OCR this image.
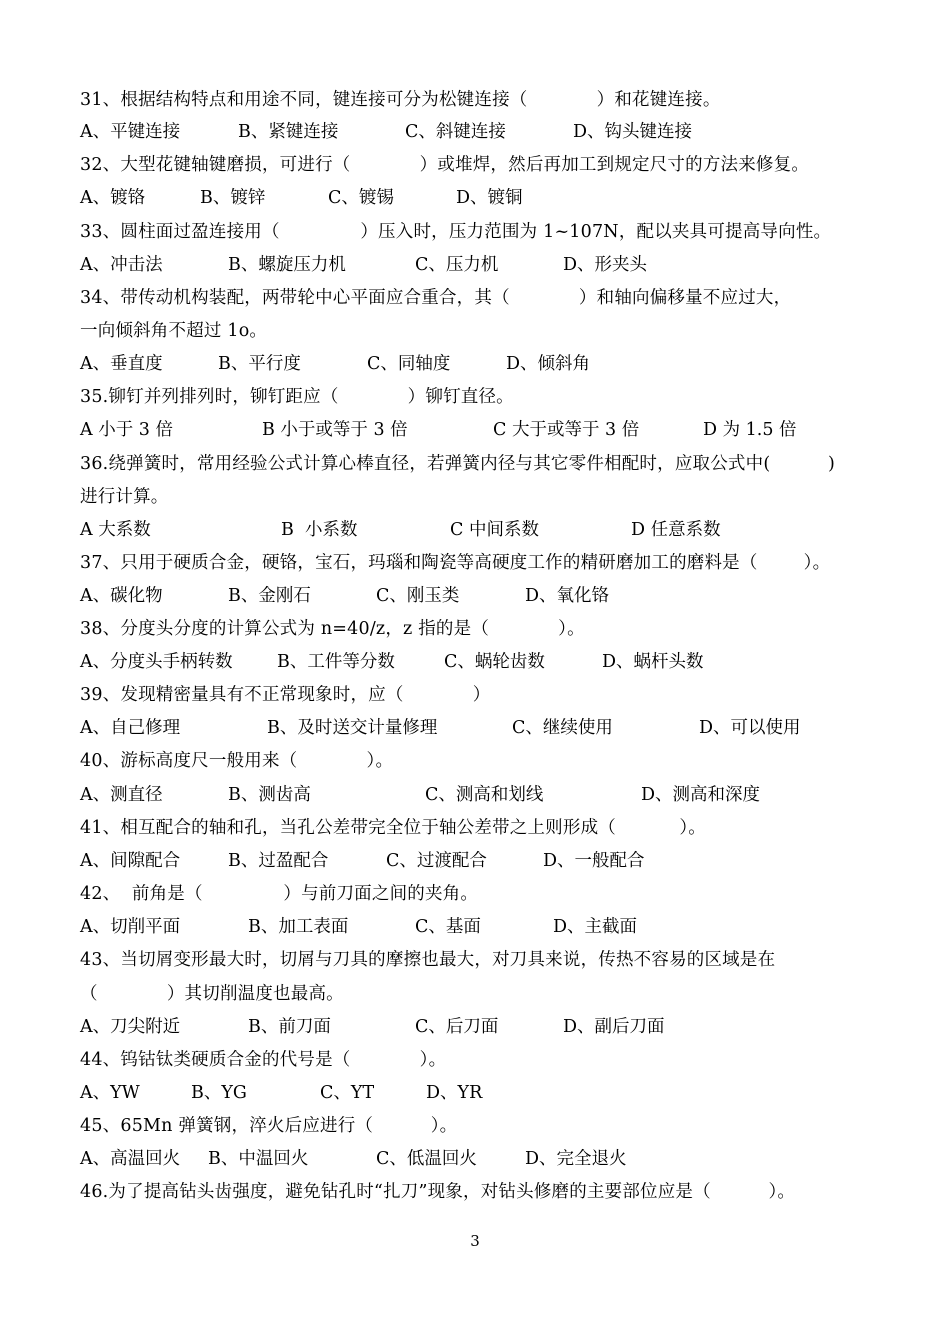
31、根据结构特点和用途不同，键连接可分为松键连接（            ）和花键连接。
A、平键连接	B、紧键连接	C、斜键连接	D、钩头键连接
32、大型花键轴键磨损，可进行（            ）或堆焊，然后再加工到规定尺寸的方法来修复。
A、镀铬	B、镀锌	C、镀锡	D、镀铜
33、圆柱面过盈连接用（              ）压入时，压力范围为 1~107N，配以夹具可提高导向性。
A、冲击法	B、螺旋压力机	C、压力机	D、形夹头
34、带传动机构装配，两带轮中心平面应合重合，其（            ）和轴向偏移量不应过大，
一向倾斜角不超过 1o。
A、垂直度	B、平行度	C、同轴度	D、倾斜角
35.铆钉并列排列时，铆钉距应（            ）铆钉直径。
A 小于 3 倍	B 小于或等于 3 倍	C 大于或等于 3 倍	D 为 1.5 倍
36.绕弹簧时，常用经验公式计算心棒直径，若弹簧内径与其它零件相配时，应取公式中(          )
进行计算。
A 大系数	B  小系数	C 中间系数	D 任意系数
37、只用于硬质合金，硬铬，宝石，玛瑙和陶瓷等高硬度工作的精研磨加工的磨料是（        ）。
A、碳化物	B、金刚石	C、刚玉类	D、氧化铬
38、分度头分度的计算公式为 n=40/z，z 指的是（            ）。
A、分度头手柄转数	B、工件等分数	C、蜗轮齿数	D、蜗杆头数
39、发现精密量具有不正常现象时，应（            ）
A、自己修理	B、及时送交计量修理	C、继续使用	D、可以使用
40、游标高度尺一般用来（            ）。
A、测直径	B、测齿高	C、测高和划线	D、测高和深度
41、相互配合的轴和孔，当孔公差带完全位于轴公差带之上则形成（           ）。
A、间隙配合	B、过盈配合	C、过渡配合	D、一般配合
42、  前角是（              ）与前刀面之间的夹角。
A、切削平面	B、加工表面	C、基面	D、主截面
43、当切屑变形最大时，切屑与刀具的摩擦也最大，对刀具来说，传热不容易的区域是在
（            ）其切削温度也最高。
A、刀尖附近	B、前刀面	C、后刀面	D、副后刀面
44、钨钴钛类硬质合金的代号是（            ）。
A、YW	B、YG	C、YT	D、YR
45、65Mn 弹簧钢，淬火后应进行（          ）。
A、高温回火 B、中温回火	C、低温回火	D、完全退火
46.为了提高钻头齿强度，避免钻孔时“扎刀”现象，对钻头修磨的主要部位应是（          ）。
3
